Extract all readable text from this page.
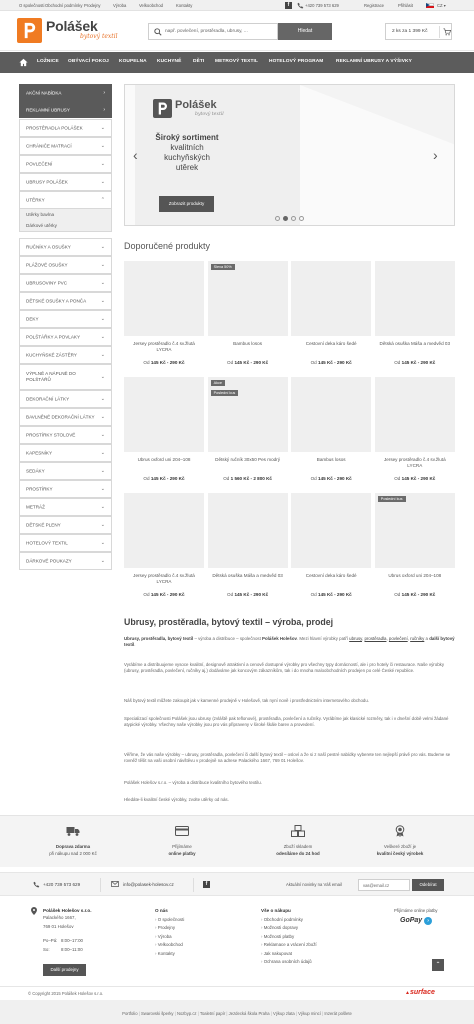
O společnosti Obchodní podmínky Prodejny	Výroba	Velkoobchod	Kontakty	f	+420 739 573 629	Registrace	Přihlásit	CZ ▾
Polášek
bytový textil
např. povlečení, prostěradla, ubrusy, ...	Hledat	2 ks za 1 399 Kč
LOŽNICE OBÝVACÍ POKOJ KOUPELNA KUCHYNĚ DĚTI METROVÝ TEXTIL HOTELOVÝ PROGRAM	REKLAMNÍ UBRUSY A VÝŠIVKY
AKČNÍ NABÍDKA	›
REKLAMNÍ UBRUSY	›
PROSTĚRADLA POLÁŠEK	⌄
CHRÁNIČE MATRACÍ	⌄
POVLEČENÍ	⌄
UBRUSY POLÁŠEK	⌄
UTĚRKY	⌃
Utěrky bavlna
Dárkové utěrky
RUČNÍKY A OSUŠKY	⌄
PLÁŽOVÉ OSUŠKY	⌄
UBRUSOVINY PVC	⌄
DĚTSKÉ OSUŠKY A PONČA	⌄
DEKY	⌄
POLŠTÁŘKY A POVLAKY	⌄
KUCHYŇSKÉ ZÁSTĚRY	⌄
VÝPLNĚ A NÁPLNĚ DO POLŠTÁŘŮ	⌄
DEKORAČNÍ LÁTKY	⌄
BAVLNĚNÉ DEKORAČNÍ LÁTKY ⌄
PROSTÍRKY STOLOVÉ	⌄
KAPESNÍKY	⌄
SEDÁKY	⌄
PROSTÍRKY	⌄
METRÁŽ	⌄
DĚTSKÉ PLENY	⌄
HOTELOVÝ TEXTIL	⌄
DÁRKOVÉ POUKAZY	⌄
Polášek
bytový textil
Široký sortiment
kvalitních
kuchyňských
utěrek
Zobrazit produkty
‹	›
Doporučené produkty
Jersey prostěradlo č.4 sv.žlutá LYCRA
Od 145 Kč - 290 Kč
Sleva 50%
Bambus losos
Od 145 Kč - 290 Kč
Cestovní deka káro šedé
Od 145 Kč - 290 Kč
Dětská osuška Máša a medvěd 03
Od 145 Kč - 290 Kč
Ubrus oxford uni 204–108
Od 145 Kč - 290 Kč
Akce
Poslední kus
Dětský ručník 30x50 Pes modrý
Od 1 560 Kč - 2 800 Kč
Bambus losos
Od 145 Kč - 290 Kč
Jersey prostěradlo č.4 sv.žlutá LYCRA
Od 145 Kč - 290 Kč
Jersey prostěradlo č.4 sv.žlutá LYCRA
Od 145 Kč - 290 Kč
Dětská osuška Máša a medvěd 03
Od 145 Kč - 290 Kč
Cestovní deka káro šedé
Od 145 Kč - 290 Kč
Poslední kus
Ubrus oxford uni 204–108
Od 145 Kč - 290 Kč
Ubrusy, prostěradla, bytový textil – výroba, prodej
Ubrusy, prostěradla, bytový textil – výroba a distribuce – společnost Polášek Holešov. Mezi hlavní výrobky patří ubrusy, prostěradla, povlečení, ručníky a další bytový textil.
Vyrábíme a distribuujeme vysoce kvalitní, designově atraktivní a cenově dostupné výrobky pro všechny typy domácností, ale i pro hotely či restaurace. Naše výrobky (ubrusy, prostěradla, povlečení, ručníky aj.) dodáváme jak koncovým zákazníkům, tak i do mnoha maloobchodních prodejen po celé České republice.
Náš bytový textil můžete zakoupit jak v kamenné prodejně v Holešově, tak nyní nově i prostřednictvím internetového obchodu.
Specializací společnosti Polášek jsou ubrusy (zvláště pak teflonové), prostěradla, povlečení a ručníky. Vyrábíme jak klasické rozměry, tak i v dnešní době velmi žádané atypické výrobky. Všechny naše výrobky jsou pro vás připraveny v široké škále barev a provedení.
Věříme, že vás naše výrobky – ubrusy, prostěradla, povlečení či další bytový textil – osloví a že si z naší pestré nabídky vyberete ten nejlepší právě pro vás. Budeme se rovněž těšit na vaši osobní návštěvu v prodejně na adrese Palackého 1667, 769 01 Holešov.
Polášek Holešov s.r.o. – výroba a distribuce kvalitního bytového textilu.
Hledáte-li kvalitní české výrobky, zvolte utěrky od nás.
Doprava zdarma
při nákupu nad 2 000 Kč
Přijímáme
online platby
Zboží skladem
odesíláme do 24 hod
Veškeré zboží je
kvalitní český výrobek
+420 739 573 629	info@polasek-holesov.cz	f	Aktuální novinky na Váš email	vas@email.cz	Odebírat
Polášek Holešov s.r.o.
Palackého 1667,
769 01 Holešov
Po–Pá: 8:00–17:00
So:	8:00–11:00
Další prodejny
O nás
› O společnosti
› Prodejny
› Výroba
› Velkoobchod
› Kontakty
Vše o nákupu
› Obchodní podmínky
› Možnosti dopravy
› Možnosti platby
› Reklamace a vrácení zboží
› Jak nakupovat
› Ochrana osobních údajů
Přijímáme online platby
GoPay ›
⌃
© Copyright 2015 Polášek Holešov s.r.o.	▲surface
Portfolio | Swarovski šperky | Nozbyp.cz | Toaletní papír | Jezdecká škola Praha | Výkup zlata | Výkup mincí | Inzerát pošlete
